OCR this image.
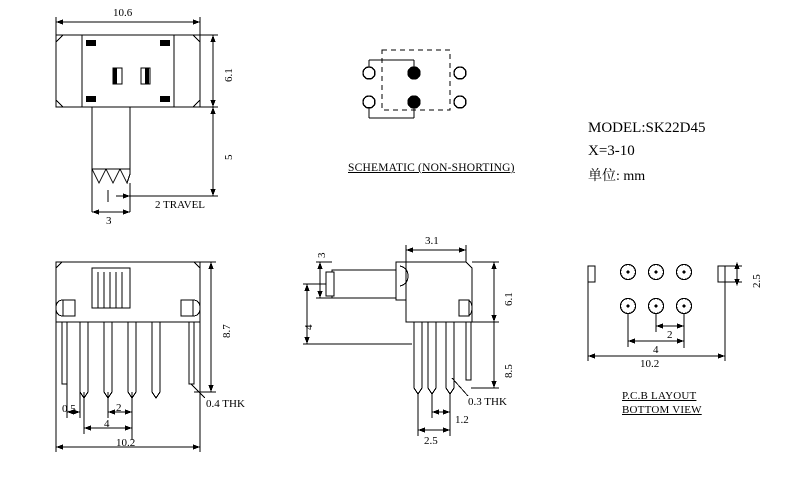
10.6
6.1
5
2 TRAVEL
3
SCHEMATIC (NON-SHORTING)
MODEL:SK22D45
X=3-10
单位: mm
8.7
0.5	2
4
10.2
0.4 THK
3.1
3
4
6.1
8.5
0.3 THK
1.2
2.5
2.5
2
4
10.2
P.C.B LAYOUT
BOTTOM VIEW
